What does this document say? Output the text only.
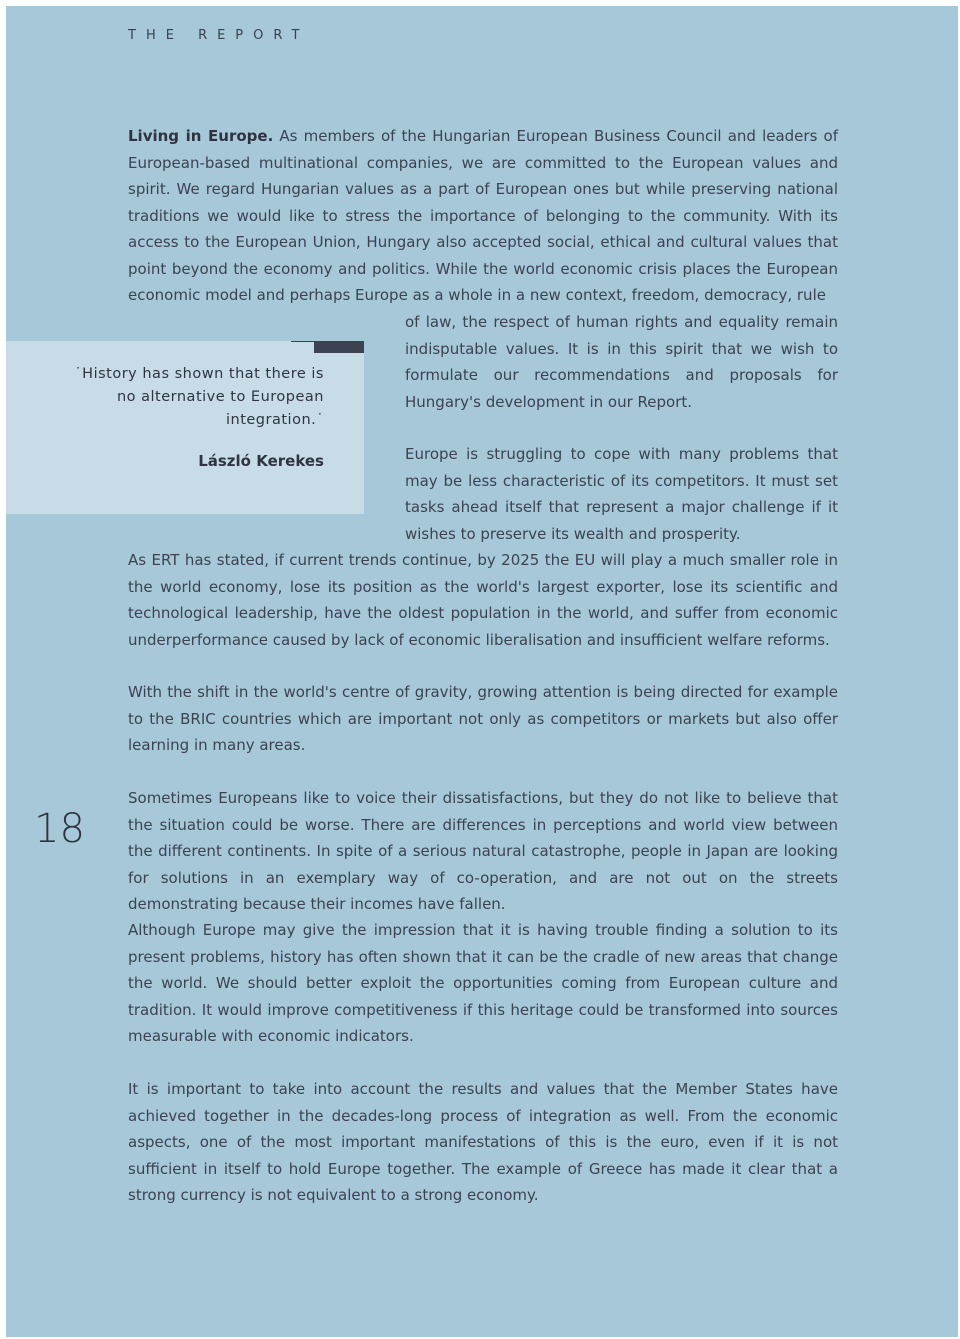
THE REPORT
Living in Europe. As members of the Hungarian European Business Council and leaders of European-based multinational companies, we are committed to the European values and spirit. We regard Hungarian values as a part of European ones but while preserving national traditions we would like to stress the importance of belonging to the community. With its access to the European Union, Hungary also accepted social, ethical and cultural values that point beyond the economy and politics. While the world economic crisis places the European economic model and perhaps Europe as a whole in a new context, freedom, democracy, rule
˙History has shown that there is no alternative to European integration.˙
László Kerekes
of law, the respect of human rights and equality remain indisputable values. It is in this spirit that we wish to formulate our recommendations and proposals for Hungary's development in our Report.
Europe is struggling to cope with many problems that may be less characteristic of its competitors. It must set tasks ahead itself that represent a major challenge if it wishes to preserve its wealth and prosperity.
As ERT has stated, if current trends continue, by 2025 the EU will play a much smaller role in the world economy, lose its position as the world's largest exporter, lose its scientific and technological leadership, have the oldest population in the world, and suffer from economic underperformance caused by lack of economic liberalisation and insufficient welfare reforms.
With the shift in the world's centre of gravity, growing attention is being directed for example to the BRIC countries which are important not only as competitors or markets but also offer learning in many areas.
Sometimes Europeans like to voice their dissatisfactions, but they do not like to believe that the situation could be worse. There are differences in perceptions and world view between the different continents. In spite of a serious natural catastrophe, people in Japan are looking for solutions in an exemplary way of co-operation, and are not out on the streets demonstrating because their incomes have fallen.
Although Europe may give the impression that it is having trouble finding a solution to its present problems, history has often shown that it can be the cradle of new areas that change the world. We should better exploit the opportunities coming from European culture and tradition. It would improve competitiveness if this heritage could be transformed into sources measurable with economic indicators.
It is important to take into account the results and values that the Member States have achieved together in the decades-long process of integration as well. From the economic aspects, one of the most important manifestations of this is the euro, even if it is not sufficient in itself to hold Europe together. The example of Greece has made it clear that a strong currency is not equivalent to a strong economy.
18
